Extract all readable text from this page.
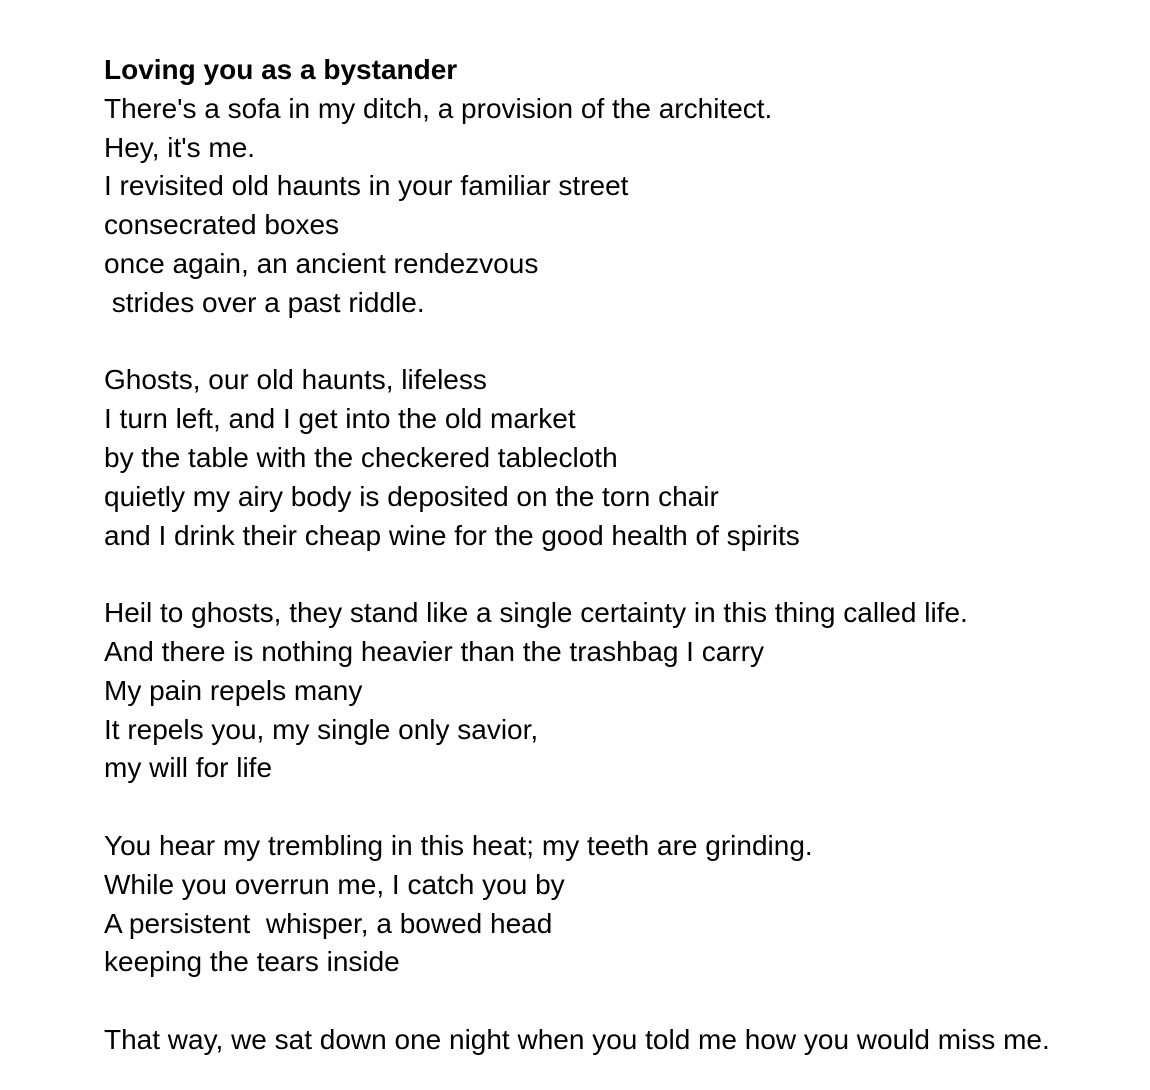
Loving you as a bystander
There's a sofa in my ditch, a provision of the architect.
Hey, it's me.
I revisited old haunts in your familiar street
consecrated boxes
once again, an ancient rendezvous
strides over a past riddle.
Ghosts, our old haunts, lifeless
I turn left, and I get into the old market
by the table with the checkered tablecloth
quietly my airy body is deposited on the torn chair
and I drink their cheap wine for the good health of spirits
Heil to ghosts, they stand like a single certainty in this thing called life.
And there is nothing heavier than the trashbag I carry
My pain repels many
It repels you, my single only savior,
my will for life
You hear my trembling in this heat; my teeth are grinding.
While you overrun me, I catch you by
A persistent  whisper, a bowed head
keeping the tears inside
That way, we sat down one night when you told me how you would miss me.
